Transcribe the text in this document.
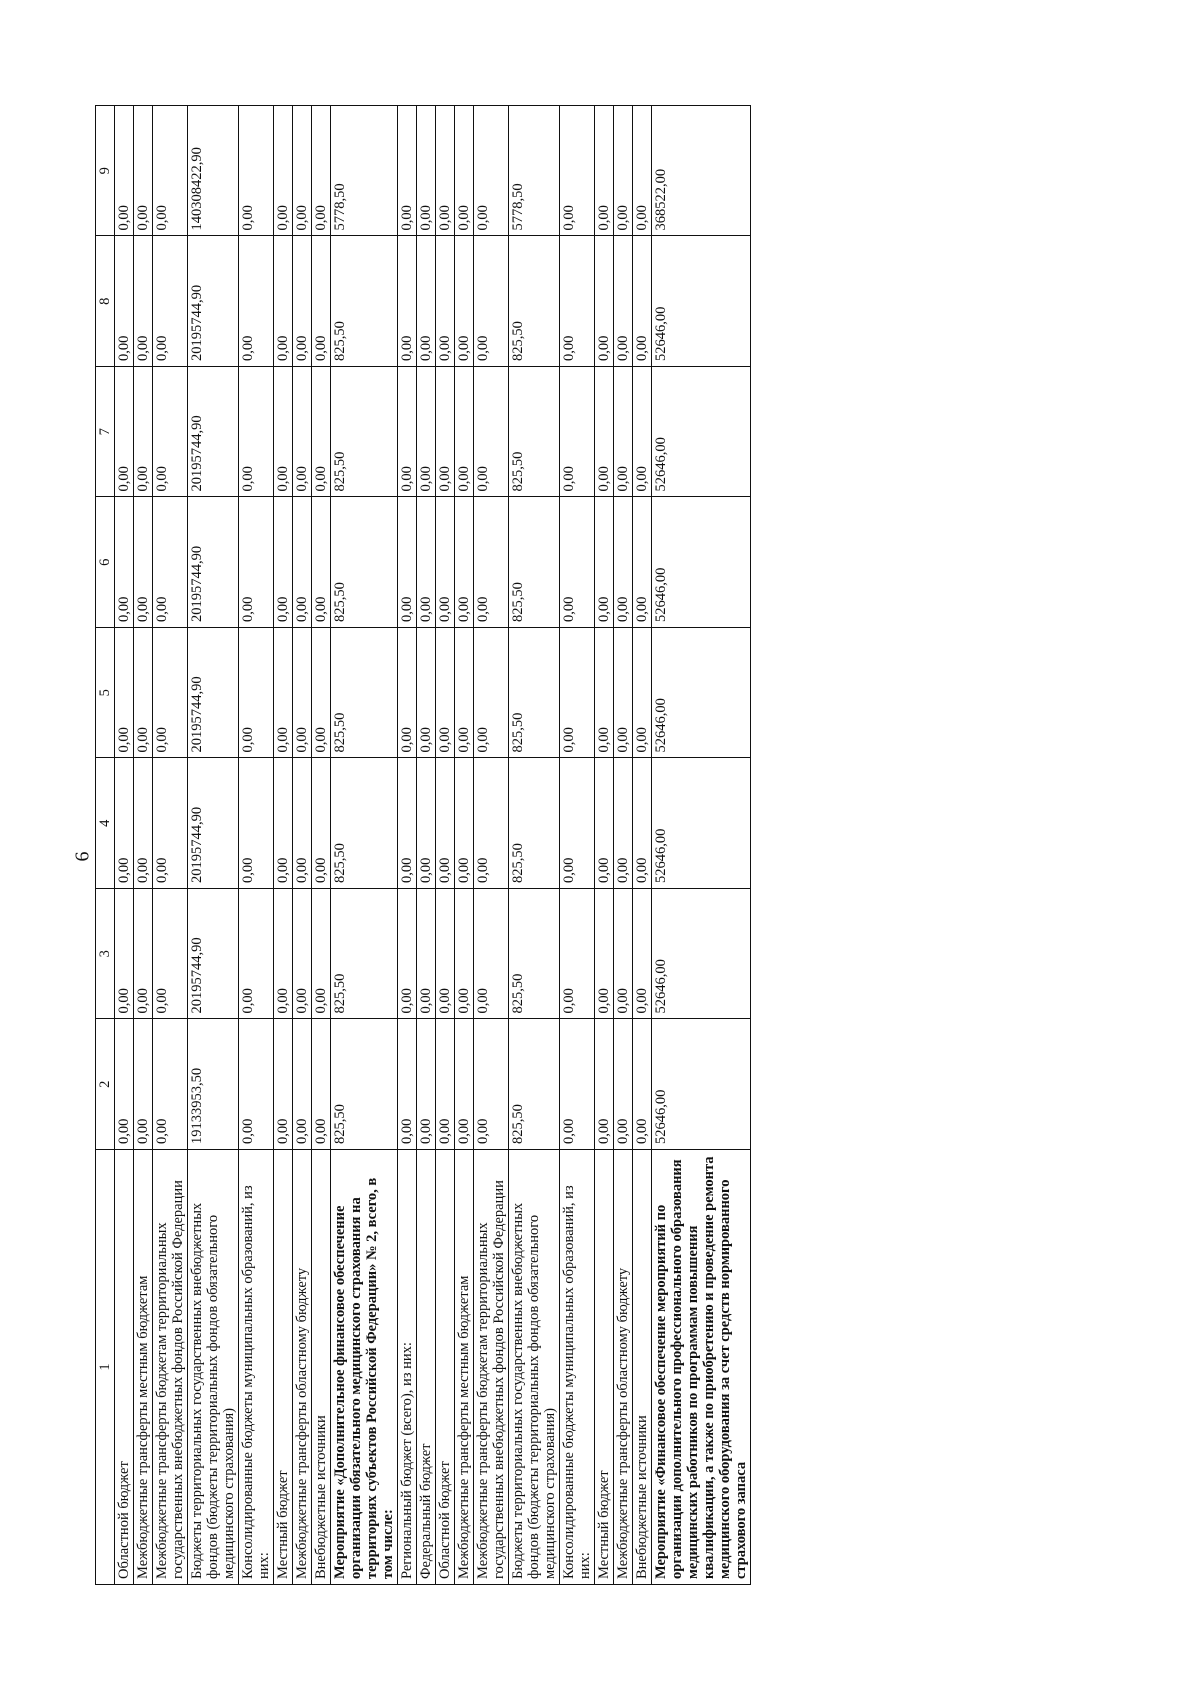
6
1	2	3	4	5	6	7	8	9
Областной бюджет	0,00	0,00	0,00	0,00	0,00	0,00	0,00	0,00
Межбюджетные трансферты местным бюджетам	0,00	0,00	0,00	0,00	0,00	0,00	0,00	0,00
Межбюджетные трансферты бюджетам территориальных государственных внебюджетных фондов Российской Федерации	0,00	0,00	0,00	0,00	0,00	0,00	0,00	0,00
Бюджеты территориальных государственных внебюджетных фондов (бюджеты территориальных фондов обязательного медицинского страхования)	19133953,50	20195744,90	20195744,90	20195744,90	20195744,90	20195744,90	20195744,90	140308422,90
Консолидированные бюджеты муниципальных образований, из них:	0,00	0,00	0,00	0,00	0,00	0,00	0,00	0,00
Местный бюджет	0,00	0,00	0,00	0,00	0,00	0,00	0,00	0,00
Межбюджетные трансферты областному бюджету	0,00	0,00	0,00	0,00	0,00	0,00	0,00	0,00
Внебюджетные источники	0,00	0,00	0,00	0,00	0,00	0,00	0,00	0,00
Мероприятие «Дополнительное финансовое обеспечение организации обязательного медицинского страхования на территориях субъектов Российской Федерации» № 2, всего, в том числе:	825,50	825,50	825,50	825,50	825,50	825,50	825,50	5778,50
Региональный бюджет (всего), из них:	0,00	0,00	0,00	0,00	0,00	0,00	0,00	0,00
Федеральный бюджет	0,00	0,00	0,00	0,00	0,00	0,00	0,00	0,00
Областной бюджет	0,00	0,00	0,00	0,00	0,00	0,00	0,00	0,00
Межбюджетные трансферты местным бюджетам	0,00	0,00	0,00	0,00	0,00	0,00	0,00	0,00
Межбюджетные трансферты бюджетам территориальных государственных внебюджетных фондов Российской Федерации	0,00	0,00	0,00	0,00	0,00	0,00	0,00	0,00
Бюджеты территориальных государственных внебюджетных фондов (бюджеты территориальных фондов обязательного медицинского страхования)	825,50	825,50	825,50	825,50	825,50	825,50	825,50	5778,50
Консолидированные бюджеты муниципальных образований, из них:	0,00	0,00	0,00	0,00	0,00	0,00	0,00	0,00
Местный бюджет	0,00	0,00	0,00	0,00	0,00	0,00	0,00	0,00
Межбюджетные трансферты областному бюджету	0,00	0,00	0,00	0,00	0,00	0,00	0,00	0,00
Внебюджетные источники	0,00	0,00	0,00	0,00	0,00	0,00	0,00	0,00
Мероприятие «Финансовое обеспечение мероприятий по организации дополнительного профессионального образования медицинских работников по программам повышения квалификации, а также по приобретению и проведение ремонта медицинского оборудования за счет средств нормированного страхового запаса	52646,00	52646,00	52646,00	52646,00	52646,00	52646,00	52646,00	368522,00
